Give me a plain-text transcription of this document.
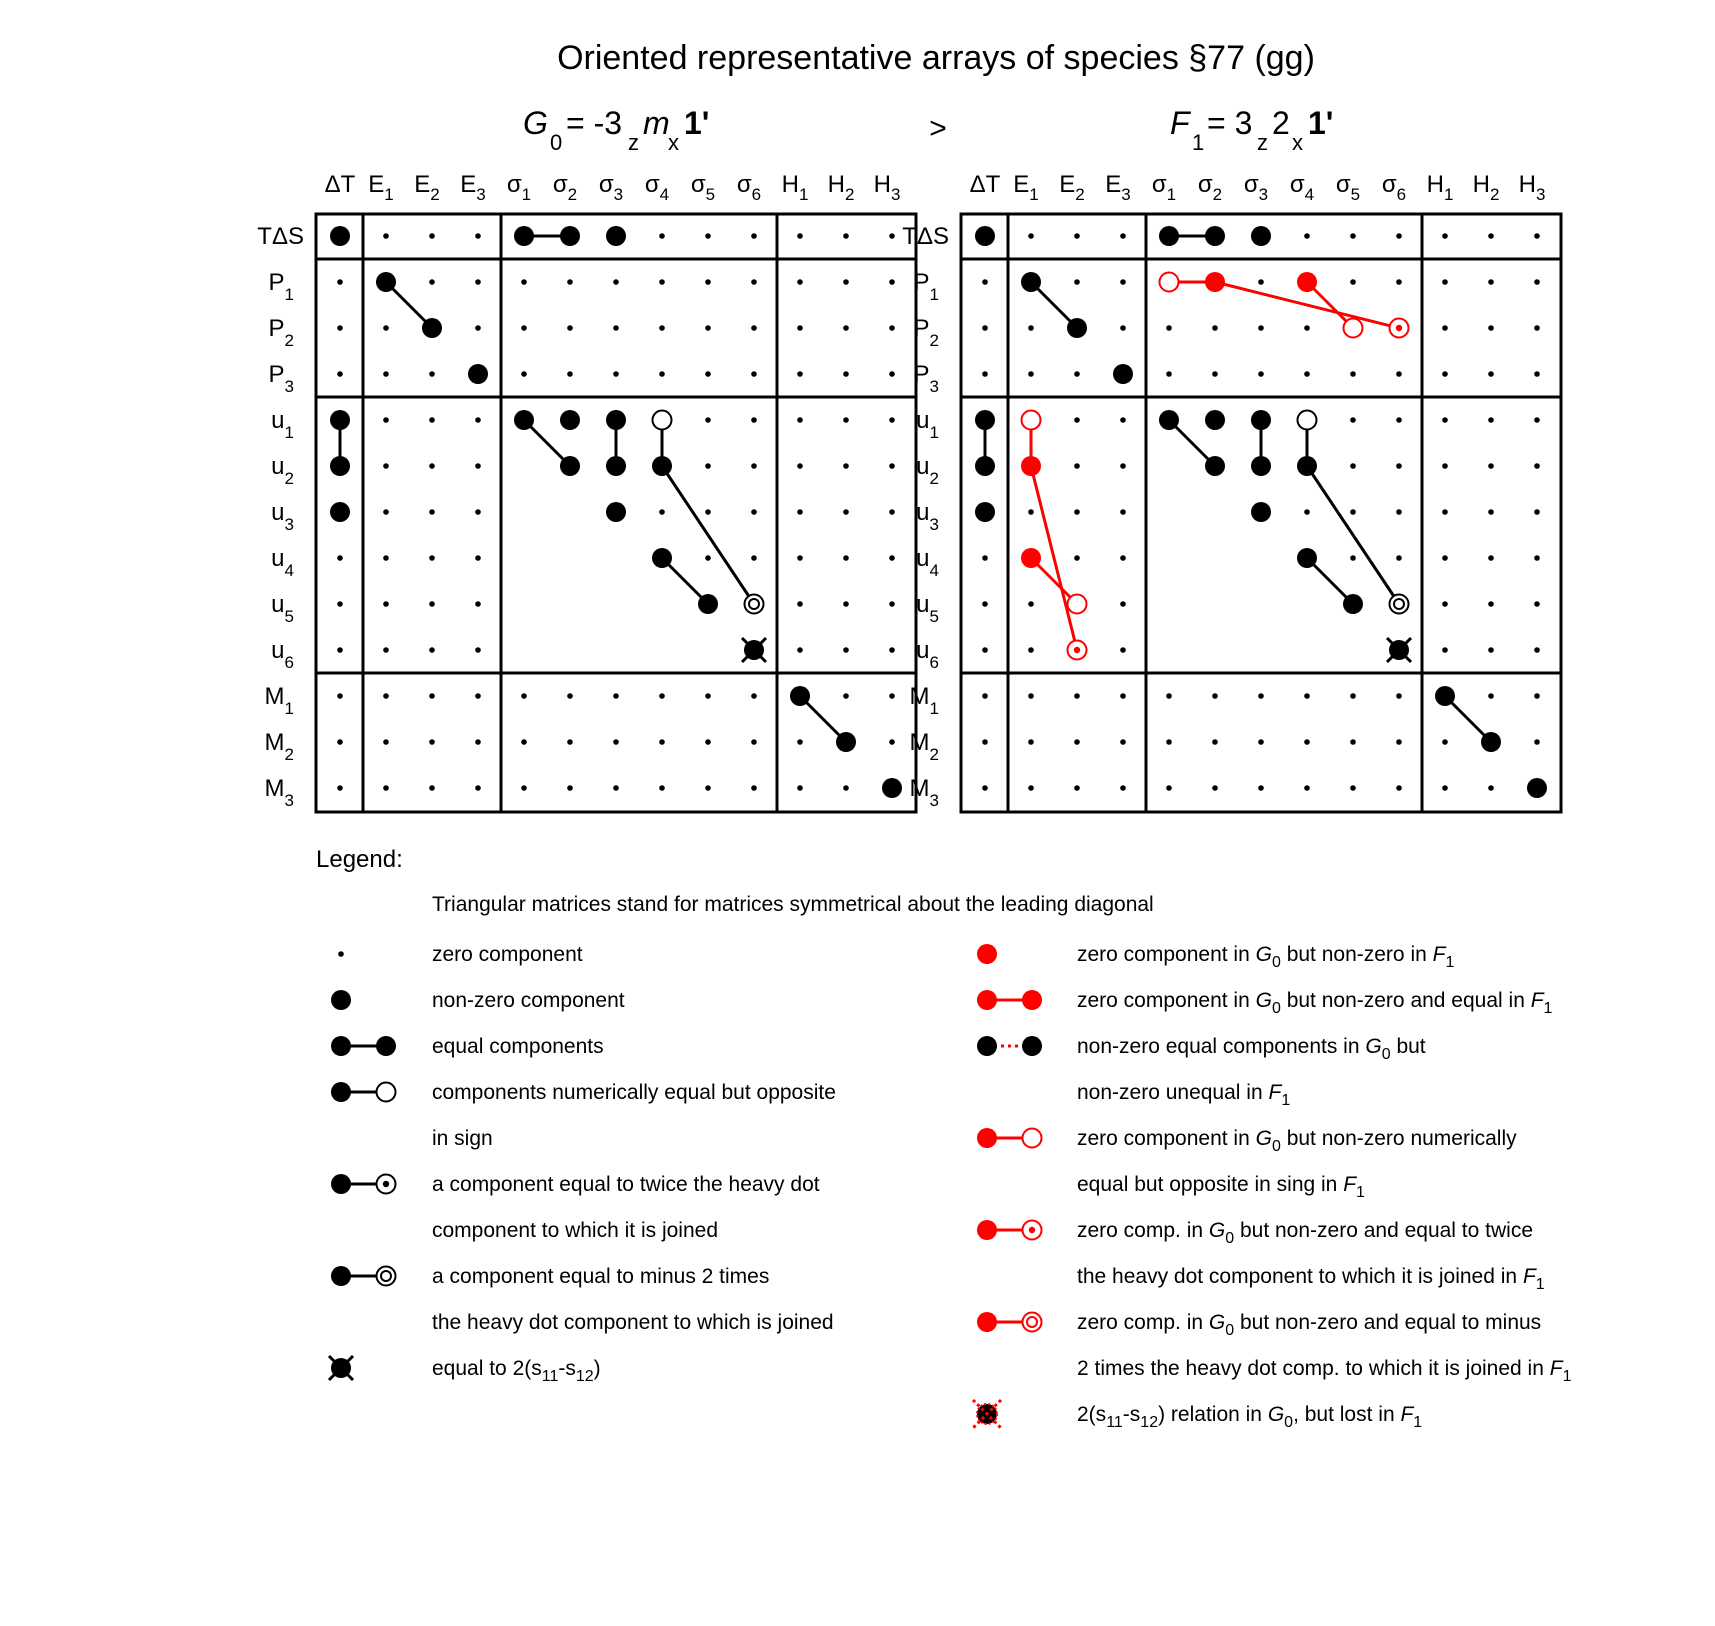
Oriented representative arrays of species §77 (gg)
G
0
= -3
z
m
x
1'	>	F
1
= 3
z
2
x
1'
ΔT $E_1$ $E_2$ $E_3$ $\sigma_1$ $\sigma_2$ $\sigma_3$ $\sigma_4$ $\sigma_5$ $\sigma_6$ $H_1$ $H_2$ $H_3$
TΔS
$P_1$
$P_2$
$P_3$
$u_1$
$u_2$
$u_3$
$u_4$
$u_5$
$u_6$
$M_1$
$M_2$
$M_3$
ΔT $E_1$ $E_2$ $E_3$ $\sigma_1$ $\sigma_2$ $\sigma_3$ $\sigma_4$ $\sigma_5$ $\sigma_6$ $H_1$ $H_2$ $H_3$
TΔS
$P_1$
$P_2$
$P_3$
$u_1$
$u_2$
$u_3$
$u_4$
$u_5$
$u_6$
$M_1$
$M_2$
$M_3$
Legend:
Triangular matrices stand for matrices symmetrical about the leading diagonal
zero component
non-zero component
equal components
components numerically equal but opposite
in sign
a component equal to twice the heavy dot
component to which it is joined
a component equal to minus 2 times
the heavy dot component to which is joined
equal to $2(s_{11}-s_{12})$
zero component in $G_0$ but non-zero in $F_1$
zero component in $G_0$ but non-zero and equal in $F_1$
non-zero equal components in $G_0$ but
non-zero unequal in $F_1$
zero component in $G_0$ but non-zero numerically
equal but opposite in sing in $F_1$
zero comp. in $G_0$ but non-zero and equal to twice
the heavy dot component to which it is joined in $F_1$
zero comp. in $G_0$ but non-zero and equal to minus
2 times the heavy dot comp. to which it is joined in $F_1$
$2(s_{11}-s_{12})$ relation in $G_0$, but lost in $F_1$
